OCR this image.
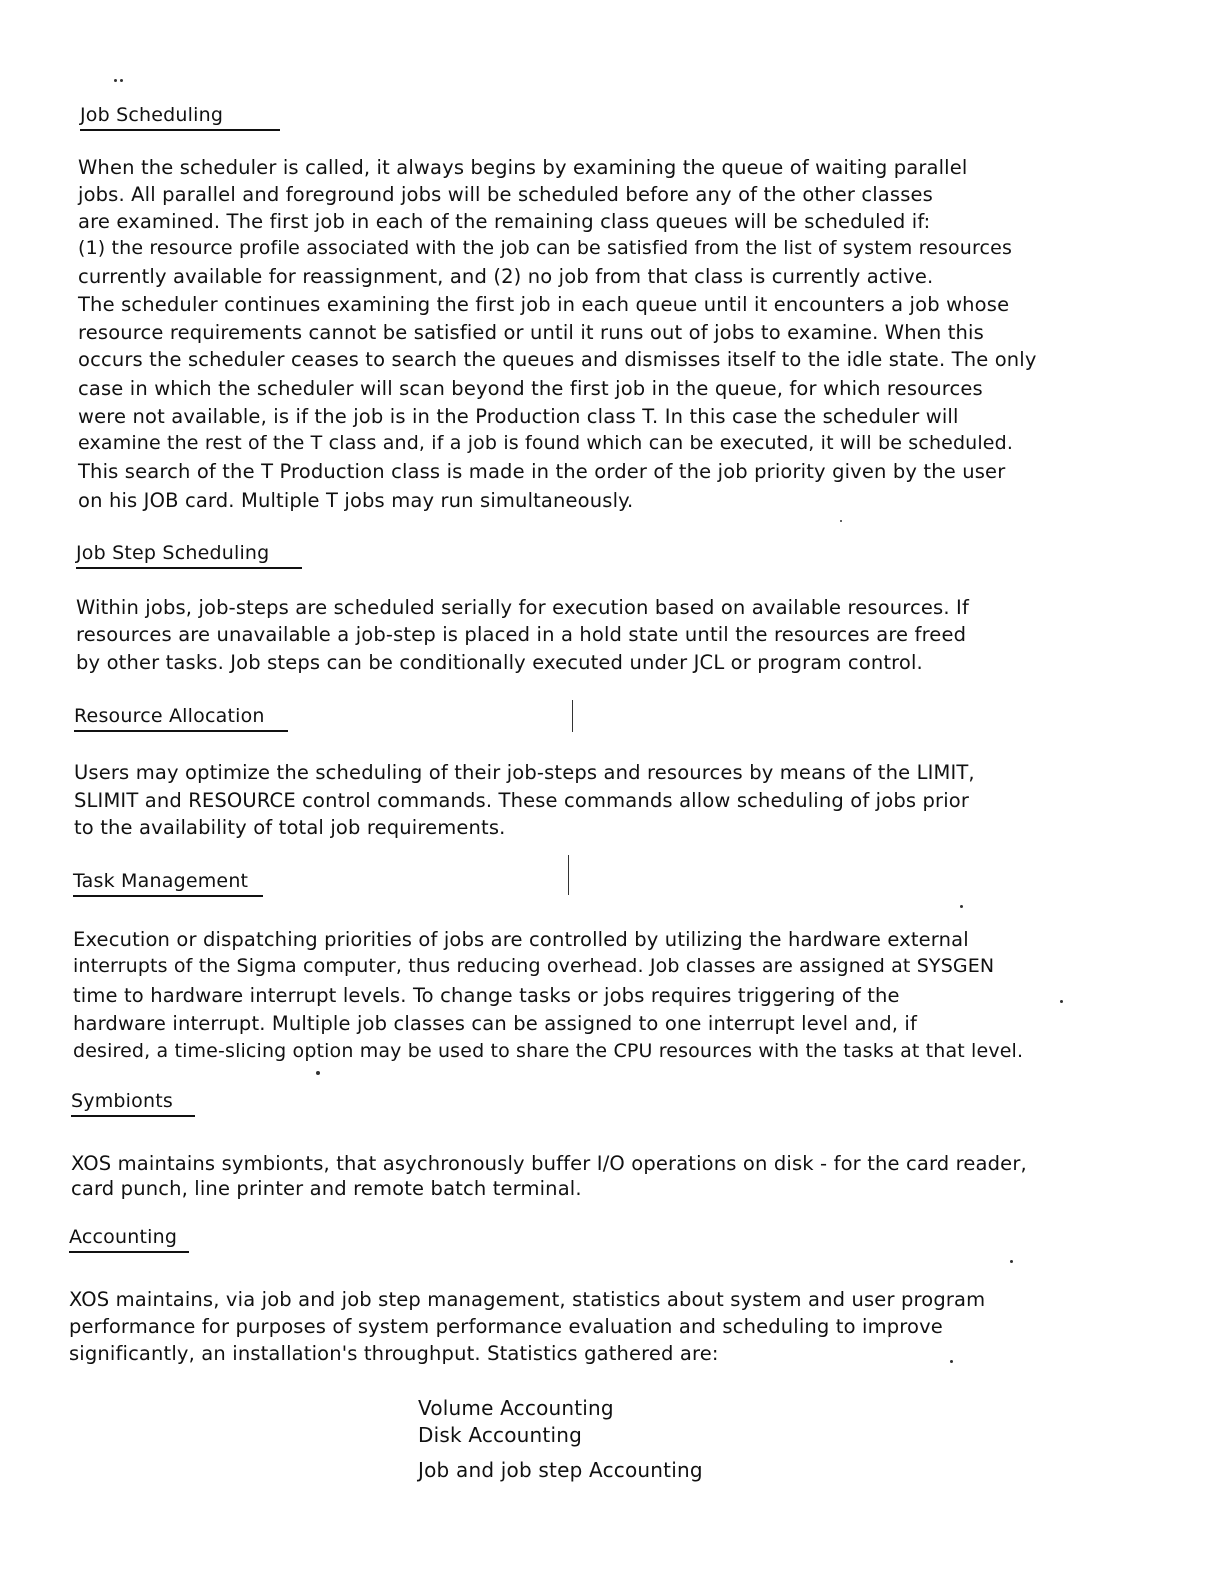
Job Scheduling
When the scheduler is called, it always begins by examining the queue of waiting parallel
jobs. All parallel and foreground jobs will be scheduled before any of the other classes
are examined. The first job in each of the remaining class queues will be scheduled if:
(1) the resource profile associated with the job can be satisfied from the list of system resources
currently available for reassignment, and (2) no job from that class is currently active.
The scheduler continues examining the first job in each queue until it encounters a job whose
resource requirements cannot be satisfied or until it runs out of jobs to examine. When this
occurs the scheduler ceases to search the queues and dismisses itself to the idle state. The only
case in which the scheduler will scan beyond the first job in the queue, for which resources
were not available, is if the job is in the Production class T. In this case the scheduler will
examine the rest of the T class and, if a job is found which can be executed, it will be scheduled.
This search of the T Production class is made in the order of the job priority given by the user
on his JOB card. Multiple T jobs may run simultaneously.
Job Step Scheduling
Within jobs, job-steps are scheduled serially for execution based on available resources. If
resources are unavailable a job-step is placed in a hold state until the resources are freed
by other tasks. Job steps can be conditionally executed under JCL or program control.
Resource Allocation
Users may optimize the scheduling of their job-steps and resources by means of the LIMIT,
SLIMIT and RESOURCE control commands. These commands allow scheduling of jobs prior
to the availability of total job requirements.
Task Management
Execution or dispatching priorities of jobs are controlled by utilizing the hardware external
interrupts of the Sigma computer, thus reducing overhead. Job classes are assigned at SYSGEN
time to hardware interrupt levels. To change tasks or jobs requires triggering of the
hardware interrupt. Multiple job classes can be assigned to one interrupt level and, if
desired, a time-slicing option may be used to share the CPU resources with the tasks at that level.
Symbionts
XOS maintains symbionts, that asychronously buffer I/O operations on disk - for the card reader,
card punch, line printer and remote batch terminal.
Accounting
XOS maintains, via job and job step management, statistics about system and user program
performance for purposes of system performance evaluation and scheduling to improve
significantly, an installation's throughput. Statistics gathered are:
Volume Accounting
Disk Accounting
Job and job step Accounting
